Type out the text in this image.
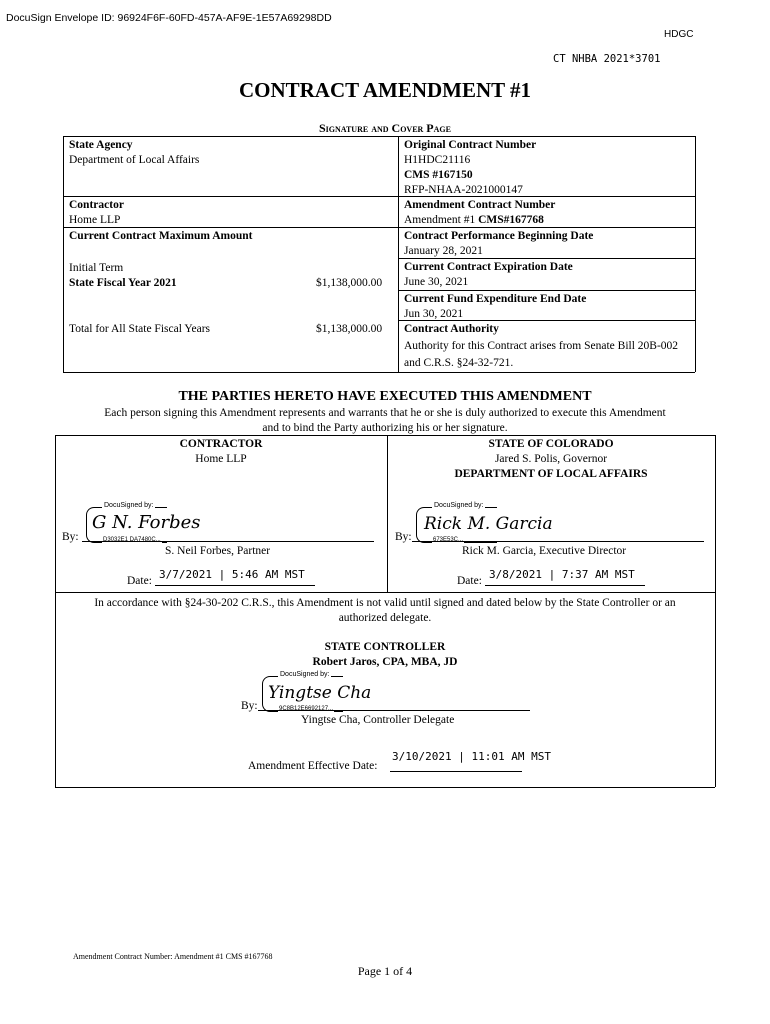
DocuSign Envelope ID: 96924F6F-60FD-457A-AF9E-1E57A69298DD
HDGC
CT NHBA 2021*3701
CONTRACT AMENDMENT #1
Signature and Cover Page
State Agency
Department of Local Affairs
Contractor
Home LLP
Current Contract Maximum Amount
Initial Term
State Fiscal Year 2021	$1,138,000.00
Total for All State Fiscal Years	$1,138,000.00
Original Contract Number
H1HDC21116
CMS #167150
RFP-NHAA-2021000147
Amendment Contract Number
Amendment #1 CMS#167768
Contract Performance Beginning Date
January 28, 2021
Current Contract Expiration Date
June 30, 2021
Current Fund Expenditure End Date
Jun 30, 2021
Contract Authority
Authority for this Contract arises from Senate Bill 20B-002
and C.R.S. §24-32-721.
THE PARTIES HERETO HAVE EXECUTED THIS AMENDMENT
Each person signing this Amendment represents and warrants that he or she is duly authorized to execute this Amendment
and to bind the Party authorizing his or her signature.
CONTRACTOR
Home LLP
DocuSigned by:
G N. Forbes
D3032E1 DA7480C...
By:
S. Neil Forbes, Partner
Date: 3/7/2021 | 5:46 AM MST
STATE OF COLORADO
Jared S. Polis, Governor
DEPARTMENT OF LOCAL AFFAIRS
DocuSigned by:
Rick M. Garcia
673E53C...
By:
Rick M. Garcia, Executive Director
Date: 3/8/2021 | 7:37 AM MST
In accordance with §24-30-202 C.R.S., this Amendment is not valid until signed and dated below by the State Controller or an
authorized delegate.
STATE CONTROLLER
Robert Jaros, CPA, MBA, JD
DocuSigned by:
Yingtse Cha
9C8B12E6692127...
By:
Yingtse Cha, Controller Delegate
Amendment Effective Date:
3/10/2021 | 11:01 AM MST
Amendment Contract Number: Amendment #1 CMS #167768
Page 1 of 4
